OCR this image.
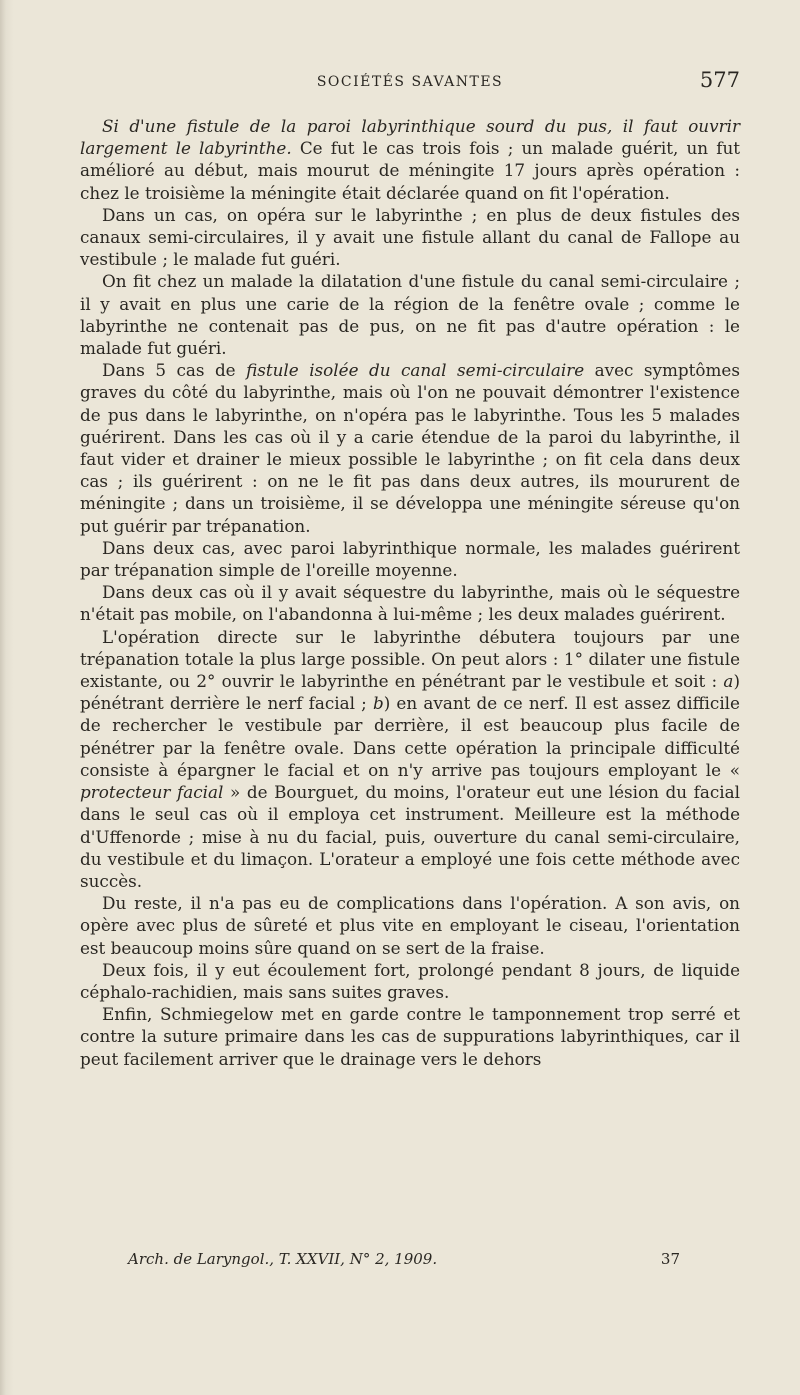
SOCIÉTÉS SAVANTES	577

Si d'une fistule de la paroi labyrinthique sourd du pus, il faut ouvrir largement le labyrinthe. Ce fut le cas trois fois ; un malade guérit, un fut amélioré au début, mais mourut de méningite 17 jours après opération : chez le troisième la méningite était déclarée quand on fit l'opération.

Dans un cas, on opéra sur le labyrinthe ; en plus de deux fistules des canaux semi-circulaires, il y avait une fistule allant du canal de Fallope au vestibule ; le malade fut guéri.

On fit chez un malade la dilatation d'une fistule du canal semi-circulaire ; il y avait en plus une carie de la région de la fenêtre ovale ; comme le labyrinthe ne contenait pas de pus, on ne fit pas d'autre opération : le malade fut guéri.

Dans 5 cas de fistule isolée du canal semi-circulaire avec symptômes graves du côté du labyrinthe, mais où l'on ne pouvait démontrer l'existence de pus dans le labyrinthe, on n'opéra pas le labyrinthe. Tous les 5 malades guérirent. Dans les cas où il y a carie étendue de la paroi du labyrinthe, il faut vider et drainer le mieux possible le labyrinthe ; on fit cela dans deux cas ; ils guérirent : on ne le fit pas dans deux autres, ils moururent de méningite ; dans un troisième, il se développa une méningite séreuse qu'on put guérir par trépanation.

Dans deux cas, avec paroi labyrinthique normale, les malades guérirent par trépanation simple de l'oreille moyenne.

Dans deux cas où il y avait séquestre du labyrinthe, mais où le séquestre n'était pas mobile, on l'abandonna à lui-même ; les deux malades guérirent.

L'opération directe sur le labyrinthe débutera toujours par une trépanation totale la plus large possible. On peut alors : 1° dilater une fistule existante, ou 2° ouvrir le labyrinthe en pénétrant par le vestibule et soit : a) pénétrant derrière le nerf facial ; b) en avant de ce nerf. Il est assez difficile de rechercher le vestibule par derrière, il est beaucoup plus facile de pénétrer par la fenêtre ovale. Dans cette opération la principale difficulté consiste à épargner le facial et on n'y arrive pas toujours employant le « protecteur facial » de Bourguet, du moins, l'orateur eut une lésion du facial dans le seul cas où il employa cet instrument. Meilleure est la méthode d'Uffenorde ; mise à nu du facial, puis, ouverture du canal semi-circulaire, du vestibule et du limaçon. L'orateur a employé une fois cette méthode avec succès.

Du reste, il n'a pas eu de complications dans l'opération. A son avis, on opère avec plus de sûreté et plus vite en employant le ciseau, l'orientation est beaucoup moins sûre quand on se sert de la fraise.

Deux fois, il y eut écoulement fort, prolongé pendant 8 jours, de liquide céphalo-rachidien, mais sans suites graves.

Enfin, Schmiegelow met en garde contre le tamponnement trop serré et contre la suture primaire dans les cas de suppurations labyrinthiques, car il peut facilement arriver que le drainage vers le dehors

Arch. de Laryngol., T. XXVII, N° 2, 1909.	37
